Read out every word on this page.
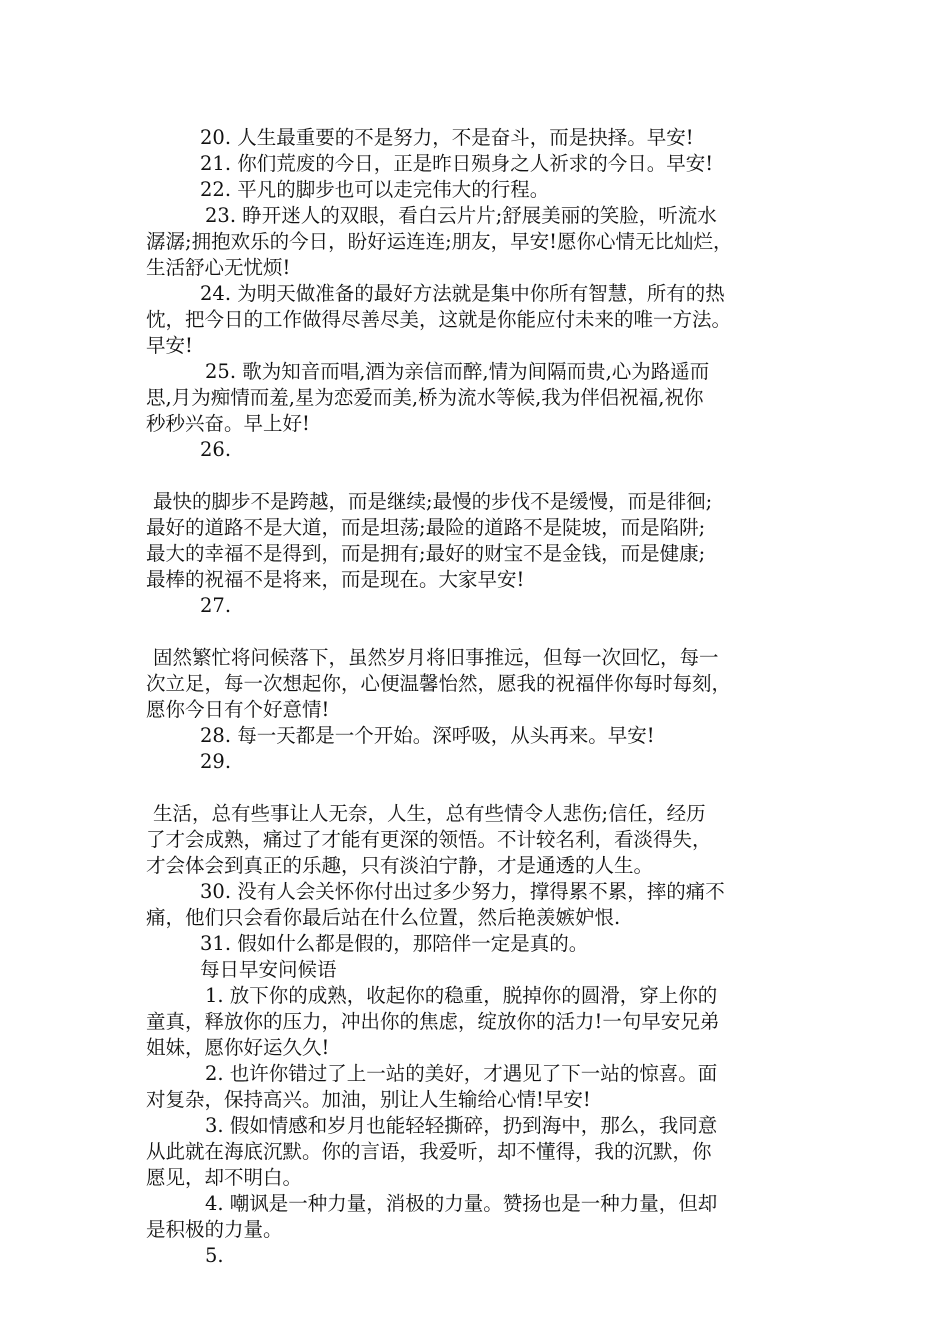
20. 人生最重要的不是努力，不是奋斗，而是抉择。早安!
21. 你们荒废的今日，正是昨日殒身之人祈求的今日。早安!
22. 平凡的脚步也可以走完伟大的行程。
23. 睁开迷人的双眼，看白云片片;舒展美丽的笑脸，听流水
潺潺;拥抱欢乐的今日，盼好运连连;朋友，早安!愿你心情无比灿烂，
生活舒心无忧烦!
24. 为明天做准备的最好方法就是集中你所有智慧，所有的热
忱，把今日的工作做得尽善尽美，这就是你能应付未来的唯一方法。
早安!
25. 歌为知音而唱,酒为亲信而醉,情为间隔而贵,心为路遥而
思,月为痴情而羞,星为恋爱而美,桥为流水等候,我为伴侣祝福,祝你
秒秒兴奋。早上好!
26.
最快的脚步不是跨越，而是继续;最慢的步伐不是缓慢，而是徘徊;
最好的道路不是大道，而是坦荡;最险的道路不是陡坡，而是陷阱;
最大的幸福不是得到，而是拥有;最好的财宝不是金钱，而是健康;
最棒的祝福不是将来，而是现在。大家早安!
27.
固然繁忙将问候落下，虽然岁月将旧事推远，但每一次回忆，每一
次立足，每一次想起你，心便温馨怡然，愿我的祝福伴你每时每刻，
愿你今日有个好意情!
28. 每一天都是一个开始。深呼吸，从头再来。早安!
29.
生活，总有些事让人无奈，人生，总有些情令人悲伤;信任，经历
了才会成熟，痛过了才能有更深的领悟。不计较名利，看淡得失，
才会体会到真正的乐趣，只有淡泊宁静，才是通透的人生。
30. 没有人会关怀你付出过多少努力，撑得累不累，摔的痛不
痛，他们只会看你最后站在什么位置，然后艳羡嫉妒恨.
31. 假如什么都是假的，那陪伴一定是真的。
每日早安问候语
1. 放下你的成熟，收起你的稳重，脱掉你的圆滑，穿上你的
童真，释放你的压力，冲出你的焦虑，绽放你的活力!一句早安兄弟
姐妹，愿你好运久久!
2. 也许你错过了上一站的美好，才遇见了下一站的惊喜。面
对复杂，保持高兴。加油，别让人生输给心情!早安!
3. 假如情感和岁月也能轻轻撕碎，扔到海中，那么，我同意
从此就在海底沉默。你的言语，我爱听，却不懂得，我的沉默，你
愿见，却不明白。
4. 嘲讽是一种力量，消极的力量。赞扬也是一种力量，但却
是积极的力量。
5.
